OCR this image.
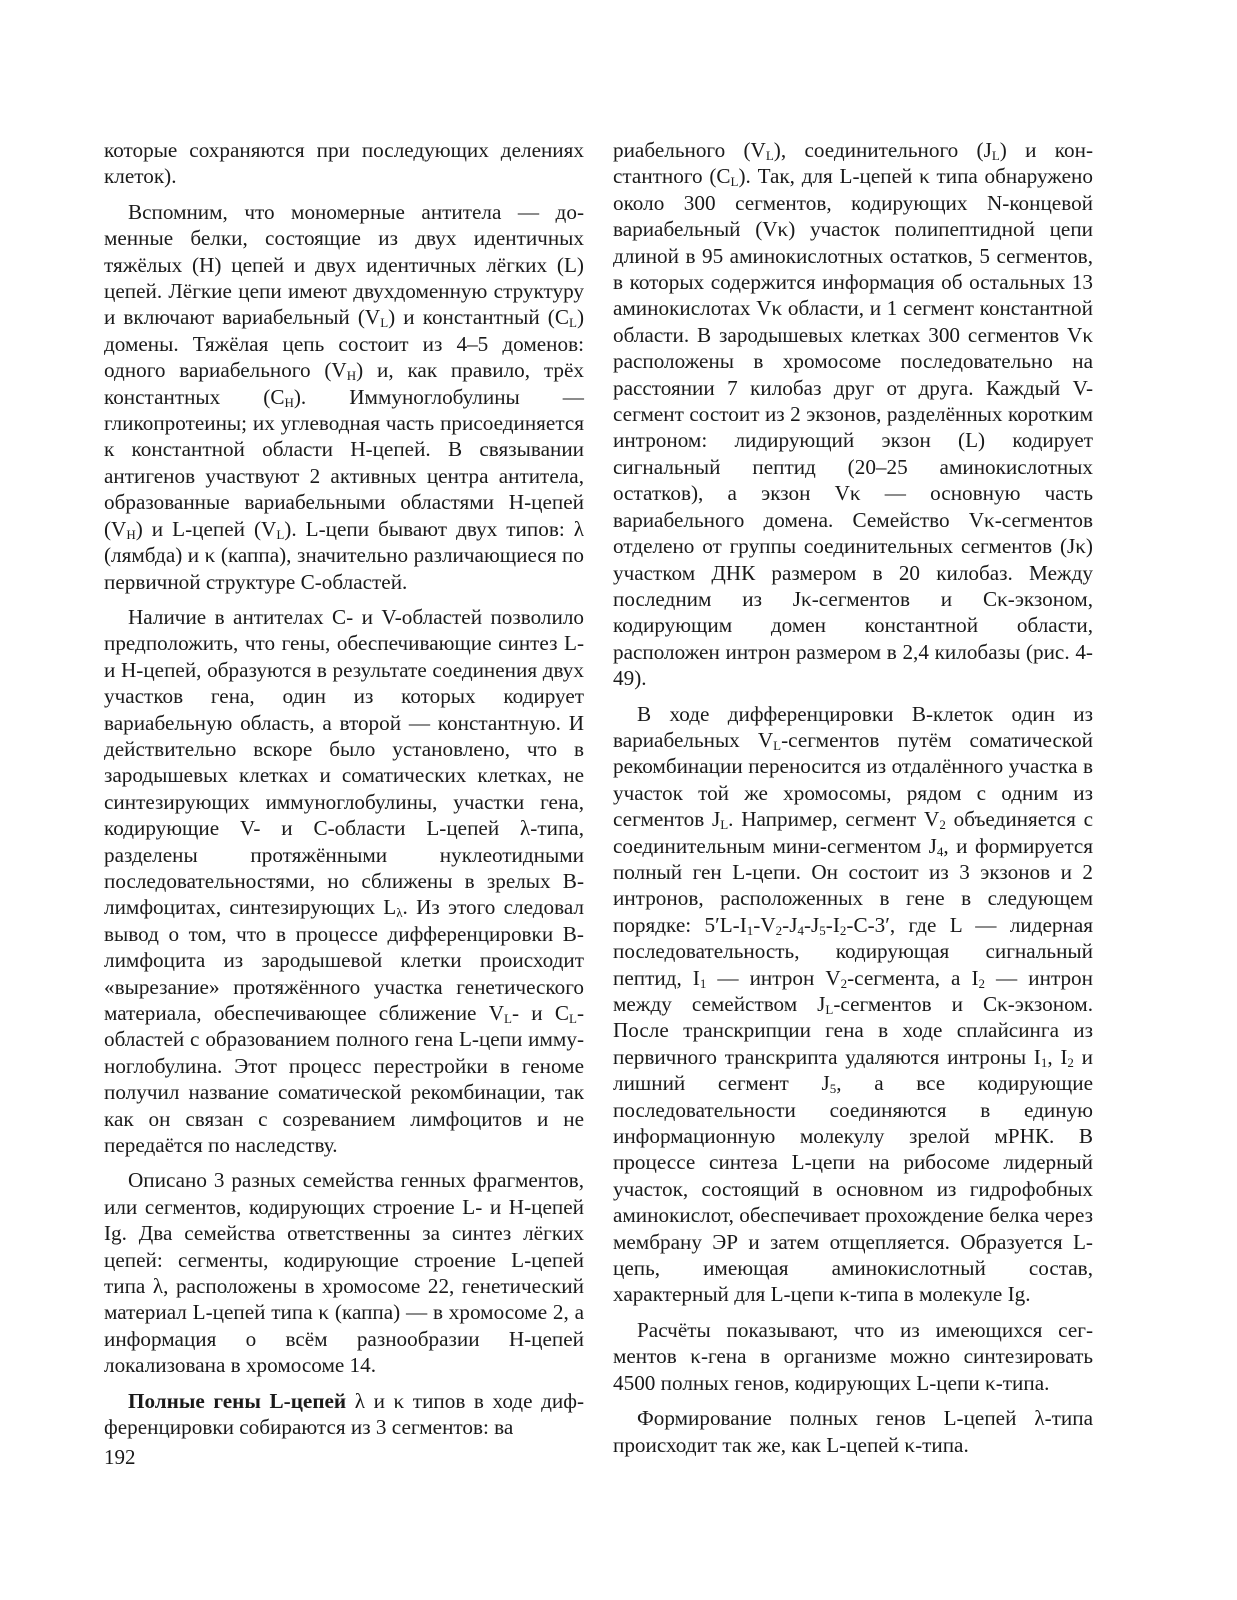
которые сохраняются при последующих делениях клеток).

Вспомним, что мономерные антитела — доменные белки, состоящие из двух идентичных тяжёлых (H) цепей и двух идентичных лёгких (L) цепей. Лёгкие цепи имеют двухдоменную структуру и включают вариабельный $(V_L)$ и константный $(C_L)$ домены. Тяжёлая цепь состоит из 4–5 доменов: одного вариабельного $(V_H)$ и, как правило, трёх константных $(C_H)$. Иммуноглобулины — гликопротеины; их углеводная часть присоединяется к константной области H-цепей. В связывании антигенов участвуют 2 активных центра антитела, образованные вариабельными областями H-цепей $(V_H)$ и L-цепей $(V_L)$. L-цепи бывают двух типов: λ (лямбда) и κ (каппа), значительно различающиеся по первичной структуре C-областей.

Наличие в антителах C- и V-областей позволило предположить, что гены, обеспечивающие синтез L- и H-цепей, образуются в результате соединения двух участков гена, один из которых кодирует вариабельную область, а второй — константную. И действительно вскоре было установлено, что в зародышевых клетках и соматических клетках, не синтезирующих иммуноглобулины, участки гена, кодирующие V- и C-области L-цепей λ-типа, разделены протяжёнными нуклеотидными последовательностями, но сближены в зрелых B-лимфоцитах, синтезирующих $L_\lambda$. Из этого следовал вывод о том, что в процессе дифференцировки B-лимфоцита из зародышевой клетки происходит «вырезание» протяжённого участка генетического материала, обеспечивающее сближение $V_L-$ и $C_L$-областей с образованием полного гена L-цепи иммуноглобулина. Этот процесс перестройки в геноме получил название соматической рекомбинации, так как он связан с созреванием лимфоцитов и не передаётся по наследству.

Описано 3 разных семейства генных фрагментов, или сегментов, кодирующих строение L- и H-цепей Ig. Два семейства ответственны за синтез лёгких цепей: сегменты, кодирующие строение L-цепей типа λ, расположены в хромосоме 22, генетический материал L-цепей типа κ (каппа) — в хромосоме 2, а информация о всём разнообразии H-цепей локализована в хромосоме 14.

Полные гены L-цепей λ и κ типов в ходе дифференцировки собираются из 3 сегментов: ва

риабельного $(V_L)$, соединительного $(J_L)$ и константного $(C_L)$. Так, для L-цепей κ типа обнаружено около 300 сегментов, кодирующих N-концевой вариабельный (Vκ) участок полипептидной цепи длиной в 95 аминокислотных остатков, 5 сегментов, в которых содержится информация об остальных 13 аминокислотах Vκ области, и 1 сегмент константной области. В зародышевых клетках 300 сегментов Vκ расположены в хромосоме последовательно на расстоянии 7 килобаз друг от друга. Каждый V-сегмент состоит из 2 экзонов, разделённых коротким интроном: лидирующий экзон (L) кодирует сигнальный пептид (20–25 аминокислотных остатков), а экзон Vκ — основную часть вариабельного домена. Семейство Vκ-сегментов отделено от группы соединительных сегментов (Jκ) участком ДНК размером в 20 килобаз. Между последним из Jκ-сегментов и Cκ-экзоном, кодирующим домен константной области, расположен интрон размером в 2,4 килобазы (рис. 4-49).

В ходе дифференцировки B-клеток один из вариабельных $V_L$-сегментов путём соматической рекомбинации переносится из отдалённого участка в участок той же хромосомы, рядом с одним из сегментов $J_L$. Например, сегмент $V_2$ объединяется с соединительным мини-сегментом $J_4$, и формируется полный ген L-цепи. Он состоит из 3 экзонов и 2 интронов, расположенных в гене в следующем порядке: $5'L-I_1-V_2-J_4-J_5-I_2-C-3'$, где L — лидерная последовательность, кодирующая сигнальный пептид, $I_1$ — интрон $V_2$-сегмента, а $I_2$ — интрон между семейством $J_L$-сегментов и Cκ-экзоном. После транскрипции гена в ходе сплайсинга из первичного транскрипта удаляются интроны $I_1$, $I_2$ и лишний сегмент $J_5$, а все кодирующие последовательности соединяются в единую информационную молекулу зрелой мРНК. В процессе синтеза L-цепи на рибосоме лидерный участок, состоящий в основном из гидрофобных аминокислот, обеспечивает прохождение белка через мембрану ЭР и затем отщепляется. Образуется L-цепь, имеющая аминокислотный состав, характерный для L-цепи κ-типа в молекуле Ig.

Расчёты показывают, что из имеющихся сегментов κ-гена в организме можно синтезировать 4500 полных генов, кодирующих L-цепи κ-типа.

Формирование полных генов L-цепей λ-типа происходит так же, как L-цепей κ-типа.

192
